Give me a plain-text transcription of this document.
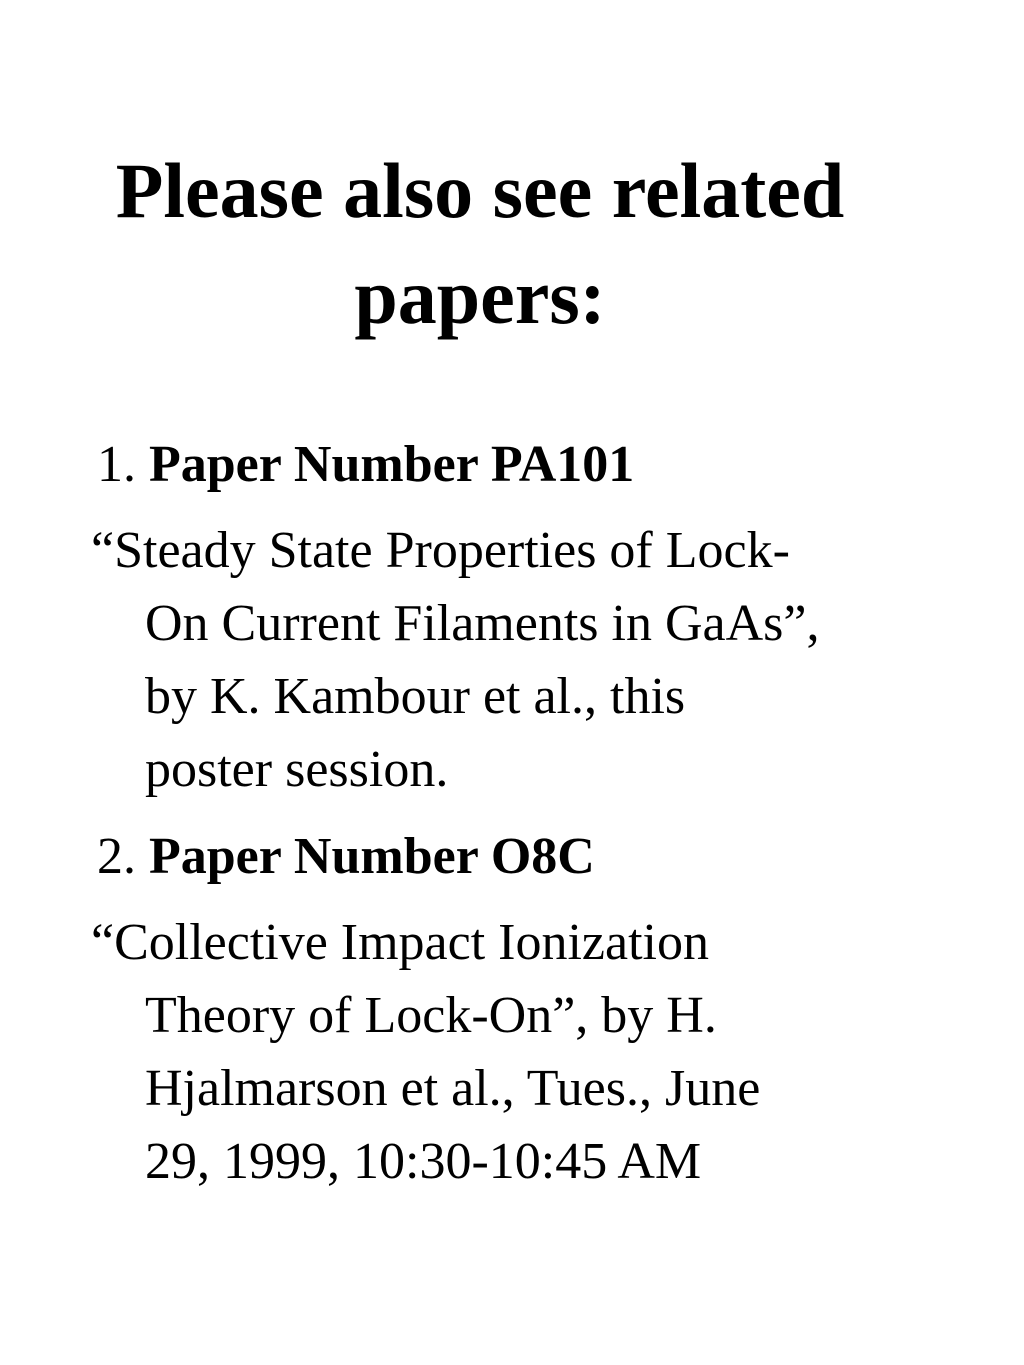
Please also see related
papers:

1. Paper Number PA101

“Steady State Properties of Lock-
On Current Filaments in GaAs”,
by K. Kambour et al., this
poster session.

2. Paper Number O8C

“Collective Impact Ionization
Theory of Lock-On”, by H.
Hjalmarson et al., Tues., June
29, 1999, 10:30-10:45 AM
